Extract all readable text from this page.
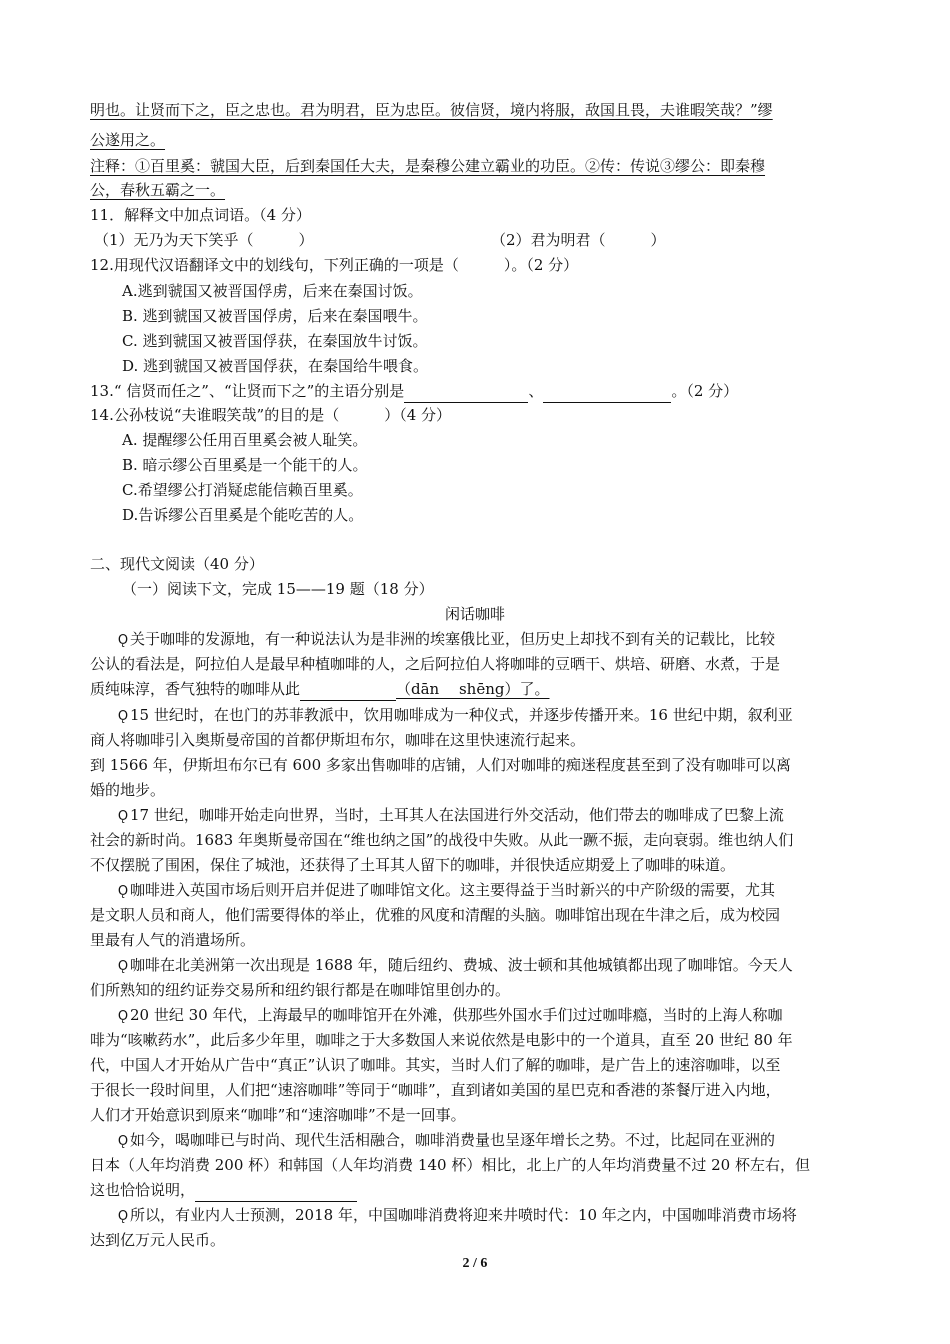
明也。让贤而下之，臣之忠也。君为明君，臣为忠臣。彼信贤，境内将服，敌国且畏，夫谁暇笑哉？”缪
公遂用之。
注释：①百里奚：虢国大臣，后到秦国任大夫，是秦穆公建立霸业的功臣。②传：传说③缪公：即秦穆
公，春秋五霸之一。
11．解释文中加点词语。（4 分）
（1）无乃为天下笑乎（　　　）	（2）君为明君（　　　）
12.用现代汉语翻译文中的划线句，下列正确的一项是（　　　）。（2 分）
A.逃到虢国又被晋国俘虏，后来在秦国讨饭。
B. 逃到虢国又被晋国俘虏，后来在秦国喂牛。
C. 逃到虢国又被晋国俘获，在秦国放牛讨饭。
D. 逃到虢国又被晋国俘获，在秦国给牛喂食。
13.“ 信贤而任之”、“让贤而下之”的主语分别是	、	。（2 分）
14.公孙枝说“夫谁暇笑哉”的目的是（　　　）（4 分）
A. 提醒缪公任用百里奚会被人耻笑。
B. 暗示缪公百里奚是一个能干的人。
C.希望缪公打消疑虑能信赖百里奚。
D.告诉缪公百里奚是个能吃苦的人。
二、现代文阅读（40 分）
（一）阅读下文，完成 15——19 题（18 分）
闲话咖啡
Ǫ 关于咖啡的发源地，有一种说法认为是非洲的埃塞俄比亚，但历史上却找不到有关的记载比，比较
公认的看法是，阿拉伯人是最早种植咖啡的人，之后阿拉伯人将咖啡的豆晒干、烘培、研磨、水煮，于是
质纯味淳，香气独特的咖啡从此	（dān　 shēng）了。
Ǫ 15 世纪时，在也门的苏菲教派中，饮用咖啡成为一种仪式，并逐步传播开来。16 世纪中期，叙利亚
商人将咖啡引入奥斯曼帝国的首都伊斯坦布尔，咖啡在这里快速流行起来。
到 1566 年，伊斯坦布尔已有 600 多家出售咖啡的店铺，人们对咖啡的痴迷程度甚至到了没有咖啡可以离
婚的地步。
Ǫ 17 世纪，咖啡开始走向世界，当时，土耳其人在法国进行外交活动，他们带去的咖啡成了巴黎上流
社会的新时尚。1683 年奥斯曼帝国在“维也纳之国”的战役中失败。从此一蹶不振，走向衰弱。维也纳人们
不仅摆脱了围困，保住了城池，还获得了土耳其人留下的咖啡，并很快适应期爱上了咖啡的味道。
Ǫ 咖啡进入英国市场后则开启并促进了咖啡馆文化。这主要得益于当时新兴的中产阶级的需要，尤其
是文职人员和商人，他们需要得体的举止，优雅的风度和清醒的头脑。咖啡馆出现在牛津之后，成为校园
里最有人气的消遣场所。
Ǫ 咖啡在北美洲第一次出现是 1688 年，随后纽约、费城、波士顿和其他城镇都出现了咖啡馆。今天人
们所熟知的纽约证券交易所和纽约银行都是在咖啡馆里创办的。
Ǫ 20 世纪 30 年代，上海最早的咖啡馆开在外滩，供那些外国水手们过过咖啡瘾，当时的上海人称咖
啡为“咳嗽药水”，此后多少年里，咖啡之于大多数国人来说依然是电影中的一个道具，直至 20 世纪 80 年
代，中国人才开始从广告中“真正”认识了咖啡。其实，当时人们了解的咖啡，是广告上的速溶咖啡，以至
于很长一段时间里，人们把“速溶咖啡”等同于“咖啡”，直到诸如美国的星巴克和香港的茶餐厅进入内地，
人们才开始意识到原来“咖啡”和“速溶咖啡”不是一回事。
Ǫ 如今，喝咖啡已与时尚、现代生活相融合，咖啡消费量也呈逐年增长之势。不过，比起同在亚洲的
日本（人年均消费 200 杯）和韩国（人年均消费 140 杯）相比，北上广的人年均消费量不过 20 杯左右，但
这也恰恰说明，
Ǫ 所以，有业内人士预测，2018 年，中国咖啡消费将迎来井喷时代：10 年之内，中国咖啡消费市场将
达到亿万元人民币。
2 / 6
